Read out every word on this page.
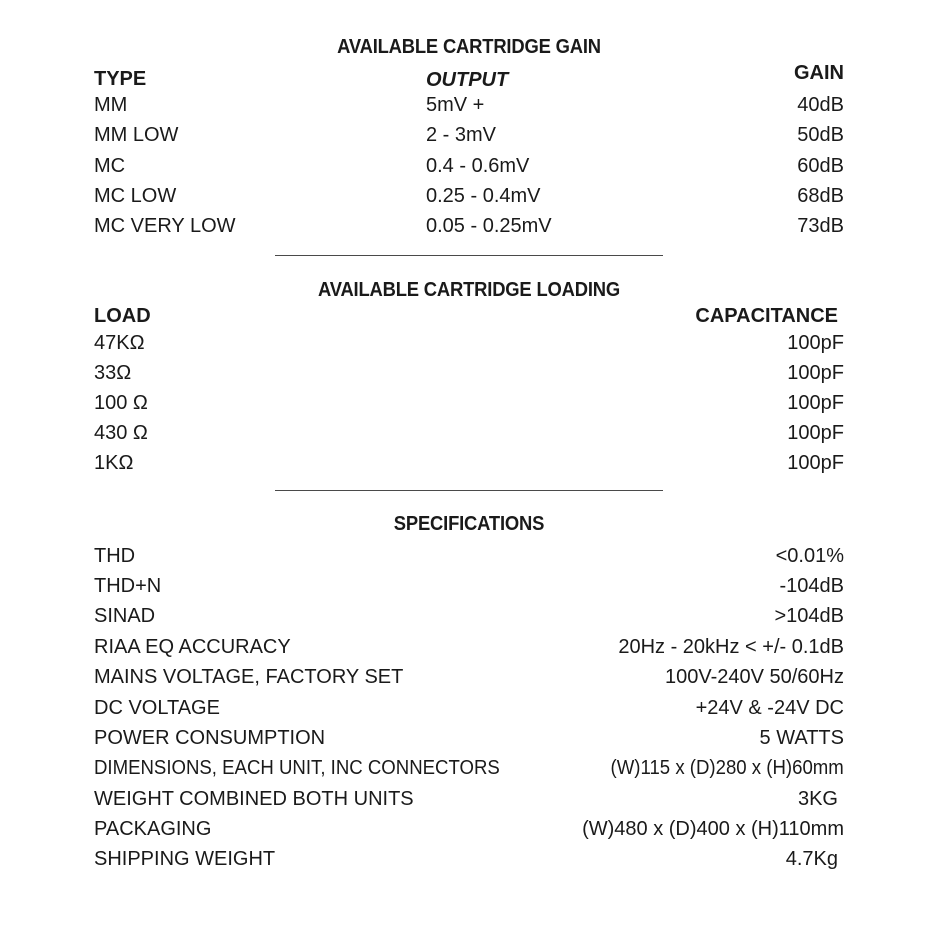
AVAILABLE CARTRIDGE GAIN
TYPE	OUTPUT	GAIN
MM	5mV +	40dB
MM LOW	2 - 3mV	50dB
MC	0.4 - 0.6mV	60dB
MC LOW	0.25 - 0.4mV	68dB
MC VERY LOW	0.05 - 0.25mV	73dB
AVAILABLE CARTRIDGE LOADING
LOAD	CAPACITANCE
47KΩ	100pF
33Ω	100pF
100 Ω	100pF
430 Ω	100pF
1KΩ	100pF
SPECIFICATIONS
THD	<0.01%
THD+N	-104dB
SINAD	>104dB
RIAA EQ ACCURACY	20Hz - 20kHz < +/- 0.1dB
MAINS VOLTAGE, FACTORY SET	100V-240V 50/60Hz
DC VOLTAGE	+24V & -24V DC
POWER CONSUMPTION	5 WATTS
DIMENSIONS, EACH UNIT, INC CONNECTORS	(W)115 x (D)280 x (H)60mm
WEIGHT COMBINED BOTH UNITS	3KG
PACKAGING	(W)480 x (D)400 x (H)110mm
SHIPPING WEIGHT	4.7Kg
